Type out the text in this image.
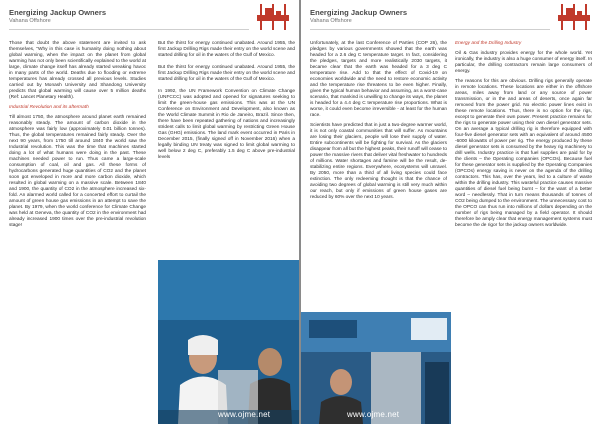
Energizing Jackup Owners
Vahana Offshore

Those that doubt the above statement are invited to ask themselves, "Why in this case is humanity doing nothing about global warming, when the impact on the planet from global warming has not only been scientifically explained to the world at large, climate change itself has already started wreaking havoc in many parts of the world. Deaths due to flooding or extreme temperatures has already crossed all previous levels. Studies carried out by Monash University and Shandong University predicts that global warming will cause over 5 million deaths (Ref: Lancet Planetary Health).

Industrial Revolution and its aftermath

Till almost 1750, the atmosphere around planet earth remained reasonably steady. The amount of carbon dioxide in the atmosphere was fairly low (approximately 0.01 billion tonnes). Thus, the global temperatures remained fairly steady. Over the next 90 years, from 1750 till around 1840 the world saw the Industrial revolution. This was the time that machines started doing a lot of what humans were doing in the past. These machines needed power to run. Thus came a large-scale consumption of coal, oil and gas. All these forms of hydrocarbons generated huge quantities of CO2 and the planet soon got enveloped in more and more carbon dioxide, which resulted in global warming on a massive scale. Between 1840 and 1900, the quantity of CO2 in the atmosphere increased six-fold. An alarmed world called for a concerted effort to curtail the amount of green house gas emissions in an attempt to save the planet. By 1979, when the world conference for Climate Change was held at Geneva, the quantity of CO2 in the environment had already increased 1900 times over the pre-industrial revolution stage!

But the thirst for energy continued unabated. Around 1955, the first Jackup Drilling Rigs made their entry on the world scene and started drilling for oil in the waters of the Gulf of Mexico.

But the thirst for energy continued unabated. Around 1955, the first Jackup Drilling Rigs made their entry on the world scene and started drilling for oil in the waters of the Gulf of Mexico.

In 1992, the UN Framework Convention on Climate Change (UNFCCC) was adopted and opened for signatures seeking to limit the green-house gas emissions. This was at the UN Conference on Environment and Development, also known as the World Climate Summit in Rio de Janeiro, Brazil. Since then, there have been repeated gathering of nations and increasingly strident calls to limit global warming by restricting Green House Gas (GHG) emissions. The land mark event occurred in Paris in December 2015, (finally signed off in November 2016) when a legally binding UN treaty was signed to limit global warming to well below 2 deg C, preferably 1.5 deg C above pre-industrial levels

www.ojme.net
Energizing Jackup Owners
Vahana Offshore

Unfortunately, at the last Conference of Parties (COP 26), the pledges by various governments showed that the earth was headed for a 2.6 deg C temperature target. In fact, considering the pledges, targets and more realistically 2030 targets, it became clear that the earth was headed for a 3 deg C temperature rise. Add to that the effect of Covid-19 on economies worldwide and the need to restore economic activity and the temperature rise threatens to be even higher. Finally, given the typical human behavior and assuming, as a worst-case scenario, that mankind is unwilling to change its ways, the planet is headed for a 4.4 deg C temperature rise proportions. What is worse, it could even become irreversible - at least for the human race.

Scientists have predicted that in just a two-degree warmer world, it is not only coastal communities that will suffer. As mountains are losing their glaciers, people will lose their supply of water. Entire subcontinents will be fighting for survival. As the glaciers disappear from all but the highest peaks, their runoff will cease to power the massive rivers that deliver vital freshwater to hundreds of millions. Water shortages and famine will be the result, de-stabilizing entire regions. Everywhere, ecosystems will unravel. By 2050, more than a third of all living species could face extinction. The only redeeming thought is that the chance of avoiding two degrees of global warming is still very much within our reach, but only if emissions of green house gases are reduced by 60% over the next 10 years.

www.ojme.net

Energy and the Drilling Industry

Oil & Gas industry provides energy for the whole world. Yet ironically, the industry is also a huge consumer of energy itself. In particular, the drilling contractors remain large consumers of energy.

The reasons for this are obvious. Drilling rigs generally operate in remote locations. These locations are either in the offshore areas, miles away from land or any source of power transmission, or in the and areas of deserts, once again far removed from the power grid. No electric power lines exist in these remote locations. Thus, there is no option for the rigs, except to generate their own power. Present practice remains for the rigs to generate power using their own diesel generator sets. On an average a typical drilling rig is therefore equipped with four-five diesel generator sets with an equivalent of around 4500 -6000 kilowatts of power per rig. The energy produced by these diesel generator sets is consumed by the heavy rig machinery to drill wells. Industry practice is that fuel supplies are paid for by the clients – the Operating companies (OPCOs). Because fuel for these generator sets is supplied by the Operating Companies (OPCOs) energy saving is never on the agenda of the drilling contractors. This has, over the years, led to a culture of waste within the drilling industry. This wasteful practice causes massive quantities of diesel fuel being burnt – for the want of a better word – needlessly. That in turn means thousands of tonnes of CO2 being dumped to the environment. The unnecessary cost to the OPCO can thus run into millions of dollars depending on the number of rigs being managed by a field operator. It should therefore be amply clear that energy management systems must become the de rigor for the jackup owners worldwide.
